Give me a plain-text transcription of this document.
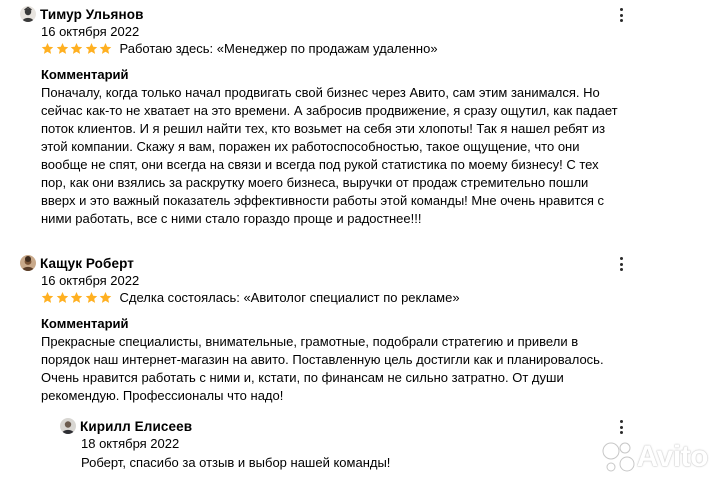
Тимур Ульянов
16 октября 2022
Работаю здесь: «Менеджер по продажам удаленно»
Комментарий
Поначалу, когда только начал продвигать свой бизнес через Авито, сам этим занимался. Но
сейчас как-то не хватает на это времени. А забросив продвижение, я сразу ощутил, как падает
поток клиентов. И я решил найти тех, кто возьмет на себя эти хлопоты! Так я нашел ребят из
этой компании. Скажу я вам, поражен их работоспособностью, такое ощущение, что они
вообще не спят, они всегда на связи и всегда под рукой статистика по моему бизнесу! С тех
пор, как они взялись за раскрутку моего бизнеса, выручки от продаж стремительно пошли
вверх и это важный показатель эффективности работы этой команды! Мне очень нравится с
ними работать, все с ними стало гораздо проще и радостнее!!!
Кащук Роберт
16 октября 2022
Сделка состоялась: «Авитолог специалист по рекламе»
Комментарий
Прекрасные специалисты, внимательные, грамотные, подобрали стратегию и привели в
порядок наш интернет-магазин на авито. Поставленную цель достигли как и планировалось.
Очень нравится работать с ними и, кстати, по финансам не сильно затратно. От души
рекомендую. Профессионалы что надо!
Кирилл Елисеев
18 октября 2022
Роберт, спасибо за отзыв и выбор нашей команды!	Avito
